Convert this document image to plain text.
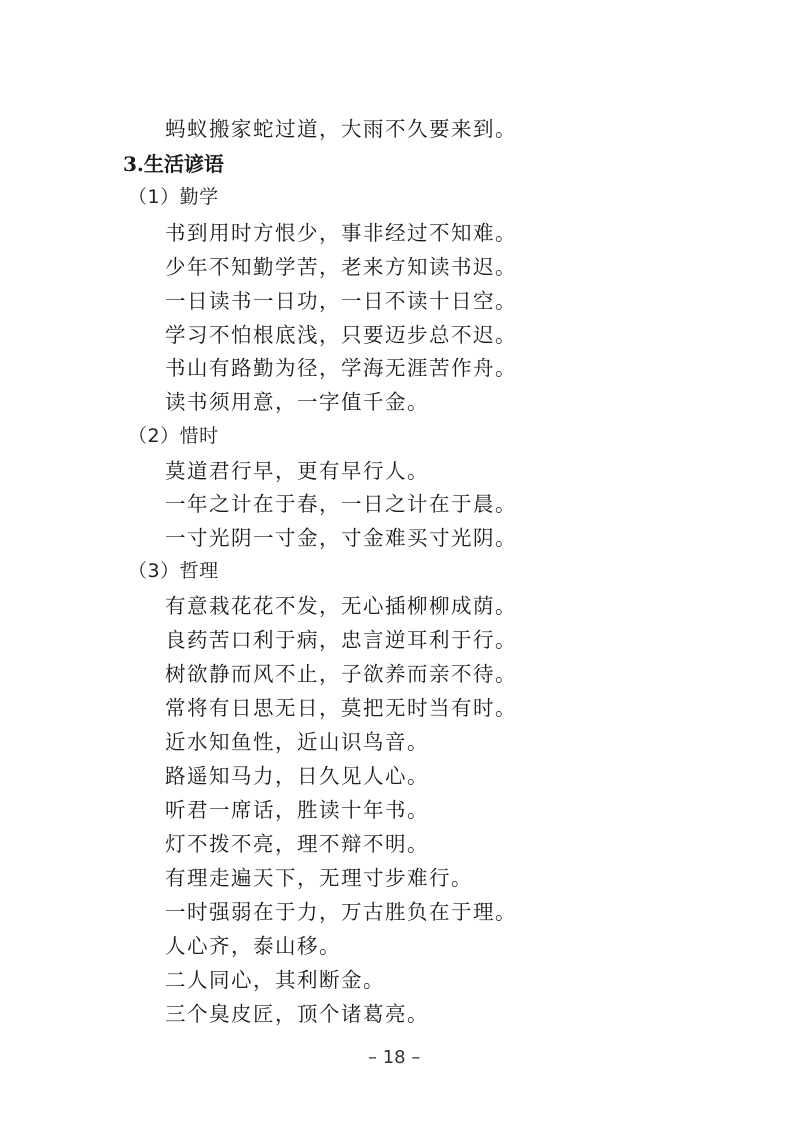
蚂蚁搬家蛇过道，大雨不久要来到。
3.生活谚语
（1）勤学
书到用时方恨少，事非经过不知难。
少年不知勤学苦，老来方知读书迟。
一日读书一日功，一日不读十日空。
学习不怕根底浅，只要迈步总不迟。
书山有路勤为径，学海无涯苦作舟。
读书须用意，一字值千金。
（2）惜时
莫道君行早，更有早行人。
一年之计在于春，一日之计在于晨。
一寸光阴一寸金，寸金难买寸光阴。
（3）哲理
有意栽花花不发，无心插柳柳成荫。
良药苦口利于病，忠言逆耳利于行。
树欲静而风不止，子欲养而亲不待。
常将有日思无日，莫把无时当有时。
近水知鱼性，近山识鸟音。
路遥知马力，日久见人心。
听君一席话，胜读十年书。
灯不拨不亮，理不辩不明。
有理走遍天下，无理寸步难行。
一时强弱在于力，万古胜负在于理。
人心齐，泰山移。
二人同心，其利断金。
三个臭皮匠，顶个诸葛亮。
– 18 –
